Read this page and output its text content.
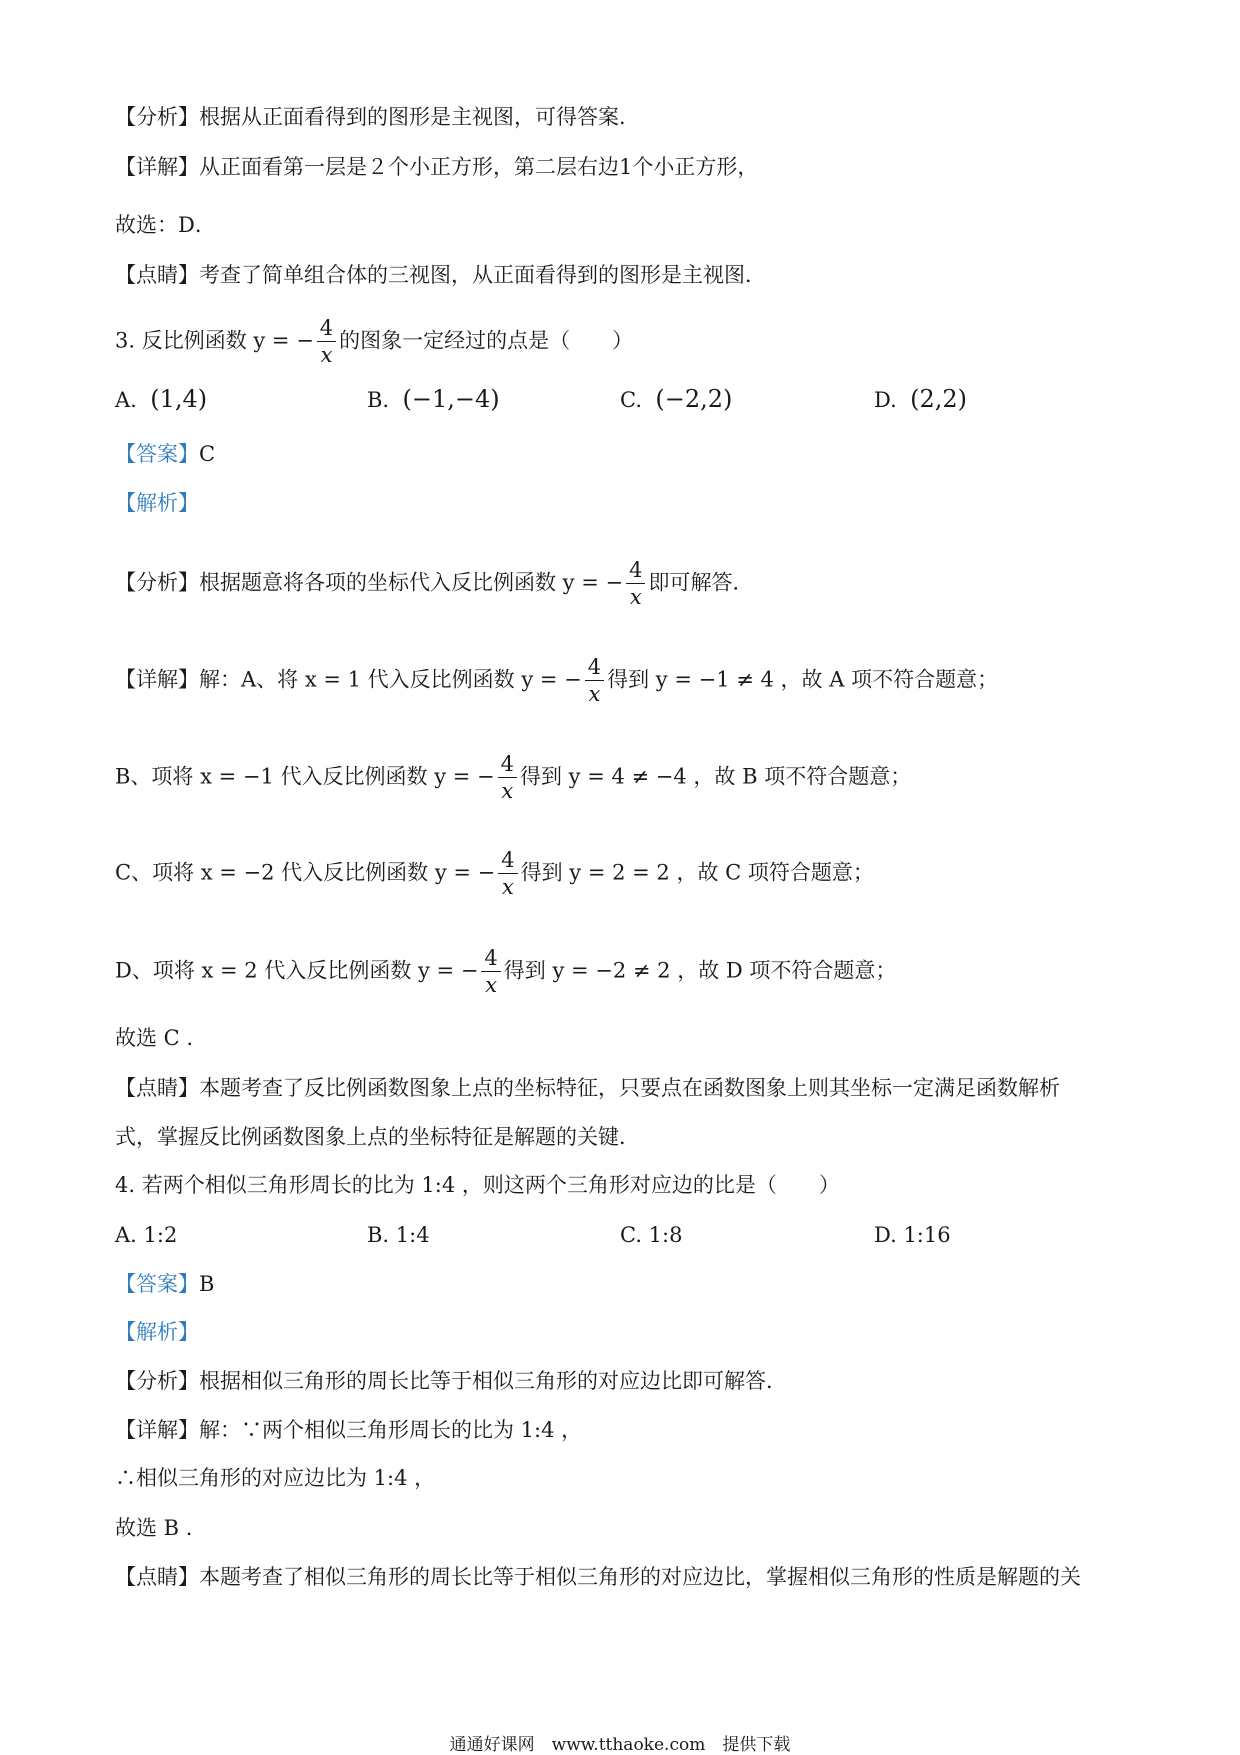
【分析】根据从正面看得到的图形是主视图，可得答案．
【详解】从正面看第一层是２个小正方形，第二层右边1个小正方形，
故选：D．
【点睛】考查了简单组合体的三视图，从正面看得到的图形是主视图．
3. 反比例函数 y = − $\frac{4}{x}$ 的图象一定经过的点是（　　）
A. (1,4)	B. (−1,−4)	C. (−2,2)	D. (2,2)
【答案】C
【解析】
【分析】根据题意将各项的坐标代入反比例函数 y = − $\frac{4}{x}$ 即可解答．
【详解】解：A、将 x = 1 代入反比例函数 y = − $\frac{4}{x}$ 得到 y = −1 ≠ 4 ，故 A 项不符合题意；
B、项将 x = −1 代入反比例函数 y = − $\frac{4}{x}$ 得到 y = 4 ≠ −4 ，故 B 项不符合题意；
C、项将 x = −2 代入反比例函数 y = − $\frac{4}{x}$ 得到 y = 2 = 2 ，故 C 项符合题意；
D、项将 x = 2 代入反比例函数 y = − $\frac{4}{x}$ 得到 y = −2 ≠ 2 ，故 D 项不符合题意；
故选 C .
【点睛】本题考查了反比例函数图象上点的坐标特征，只要点在函数图象上则其坐标一定满足函数解析
式，掌握反比例函数图象上点的坐标特征是解题的关键．
4. 若两个相似三角形周长的比为 1:4 ，则这两个三角形对应边的比是（　　）
A. 1:2	B. 1:4	C. 1:8	D. 1:16
【答案】B
【解析】
【分析】根据相似三角形的周长比等于相似三角形的对应边比即可解答．
【详解】解：∵两个相似三角形周长的比为 1:4 ，
∴相似三角形的对应边比为 1:4 ，
故选 B .
【点睛】本题考查了相似三角形的周长比等于相似三角形的对应边比，掌握相似三角形的性质是解题的关
通通好课网　www.tthaoke.com　提供下载
